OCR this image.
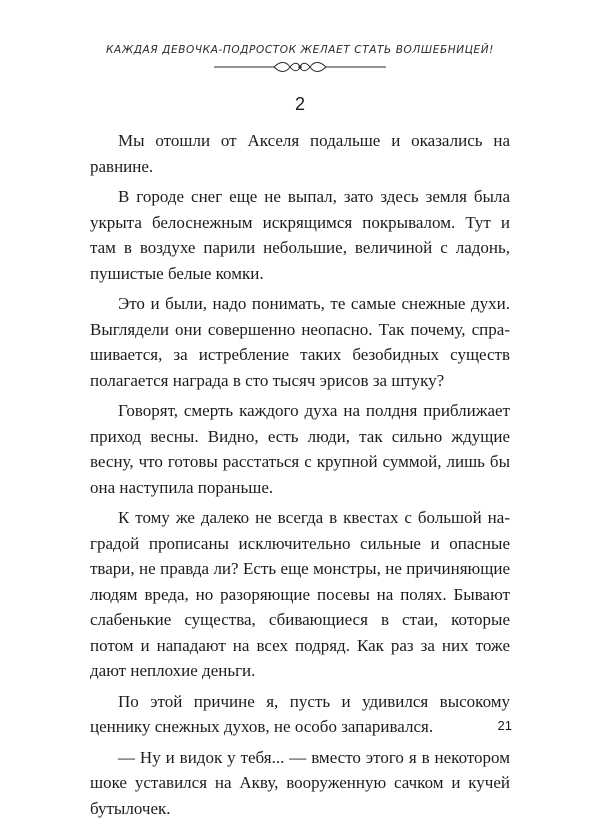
КАЖДАЯ ДЕВОЧКА-ПОДРОСТОК ЖЕЛАЕТ СТАТЬ ВОЛШЕБНИЦЕЙ!
2

Мы отошли от Акселя подальше и оказались на равнине.

В городе снег еще не выпал, зато здесь земля была укрыта белоснежным искрящимся покрывалом. Тут и там в воздухе парили небольшие, величиной с ладонь, пушистые белые комки.

Это и были, надо понимать, те самые снежные духи. Выглядели они совершенно неопасно. Так почему, спрашивается, за истребление таких безобидных существ полагается награда в сто тысяч эрисов за штуку?

Говорят, смерть каждого духа на полдня приближает приход весны. Видно, есть люди, так сильно ждущие весну, что готовы расстаться с крупной суммой, лишь бы она наступила пораньше.

К тому же далеко не всегда в квестах с большой наградой прописаны исключительно сильные и опасные твари, не правда ли? Есть еще монстры, не причиняющие людям вреда, но разоряющие посевы на полях. Бывают слабенькие существа, сбивающиеся в стаи, которые потом и нападают на всех подряд. Как раз за них тоже дают неплохие деньги.

По этой причине я, пусть и удивился высокому ценнику снежных духов, не особо запаривался.

— Ну и видок у тебя... — вместо этого я в некотором шоке уставился на Акву, вооруженную сачком и кучей бутылочек.

21
